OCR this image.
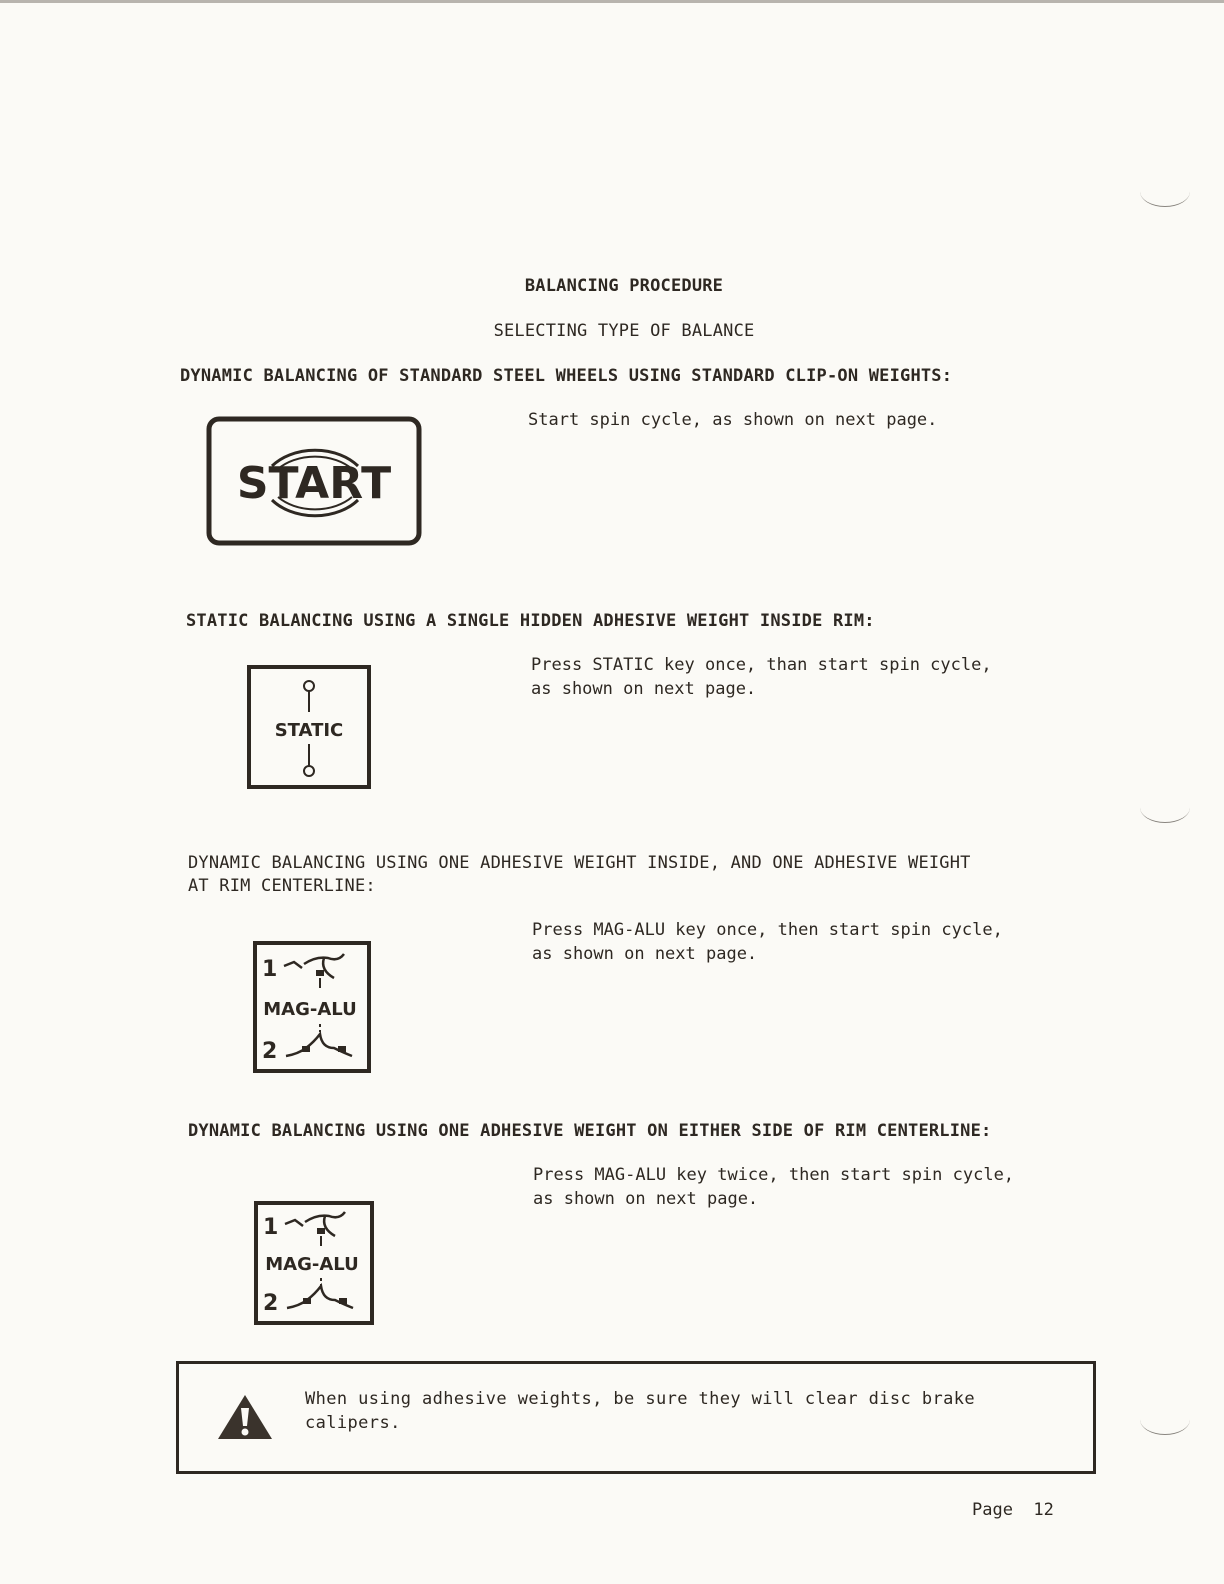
BALANCING PROCEDURE
SELECTING TYPE OF BALANCE
DYNAMIC BALANCING OF STANDARD STEEL WHEELS USING STANDARD CLIP-ON WEIGHTS:
Start spin cycle, as shown on next page.
START
STATIC BALANCING USING A SINGLE HIDDEN ADHESIVE WEIGHT INSIDE RIM:
Press STATIC key once, than start spin cycle,
as shown on next page.
STATIC
DYNAMIC BALANCING USING ONE ADHESIVE WEIGHT INSIDE, AND ONE ADHESIVE WEIGHT
AT RIM CENTERLINE:
Press MAG-ALU key once, then start spin cycle,
as shown on next page.
1
MAG-ALU
2
DYNAMIC BALANCING USING ONE ADHESIVE WEIGHT ON EITHER SIDE OF RIM CENTERLINE:
Press MAG-ALU key twice, then start spin cycle,
as shown on next page.
1
MAG-ALU
2
When using adhesive weights, be sure they will clear disc brake
calipers.
Page  12
